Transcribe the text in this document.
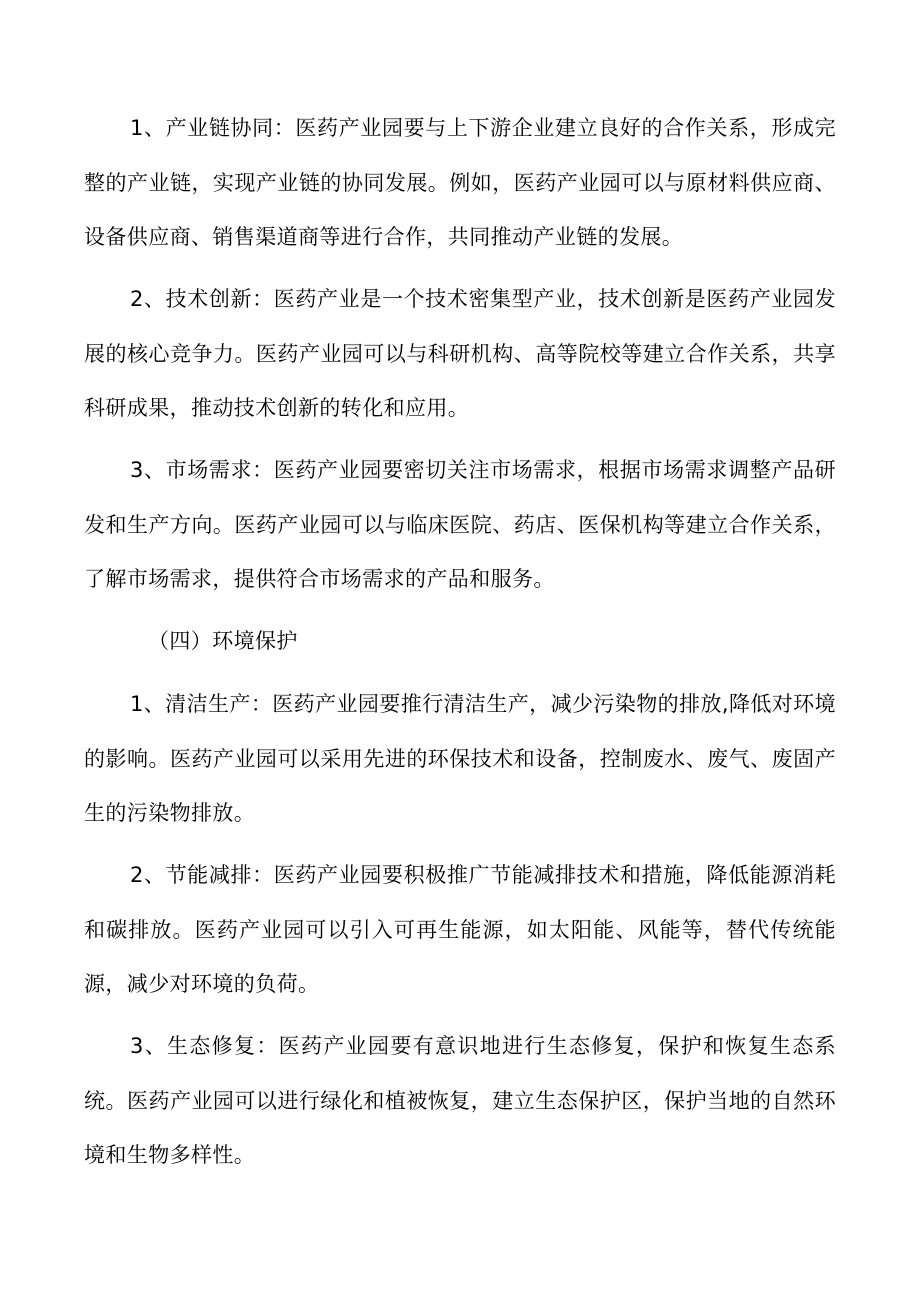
1、产业链协同：医药产业园要与上下游企业建立良好的合作关系，形成完整的产业链，实现产业链的协同发展。例如，医药产业园可以与原材料供应商、设备供应商、销售渠道商等进行合作，共同推动产业链的发展。

2、技术创新：医药产业是一个技术密集型产业，技术创新是医药产业园发展的核心竞争力。医药产业园可以与科研机构、高等院校等建立合作关系，共享科研成果，推动技术创新的转化和应用。

3、市场需求：医药产业园要密切关注市场需求，根据市场需求调整产品研发和生产方向。医药产业园可以与临床医院、药店、医保机构等建立合作关系，了解市场需求，提供符合市场需求的产品和服务。

（四）环境保护

1、清洁生产：医药产业园要推行清洁生产，减少污染物的排放,降低对环境的影响。医药产业园可以采用先进的环保技术和设备，控制废水、废气、废固产生的污染物排放。

2、节能减排：医药产业园要积极推广节能减排技术和措施，降低能源消耗和碳排放。医药产业园可以引入可再生能源，如太阳能、风能等，替代传统能源，减少对环境的负荷。

3、生态修复：医药产业园要有意识地进行生态修复，保护和恢复生态系统。医药产业园可以进行绿化和植被恢复，建立生态保护区，保护当地的自然环境和生物多样性。
